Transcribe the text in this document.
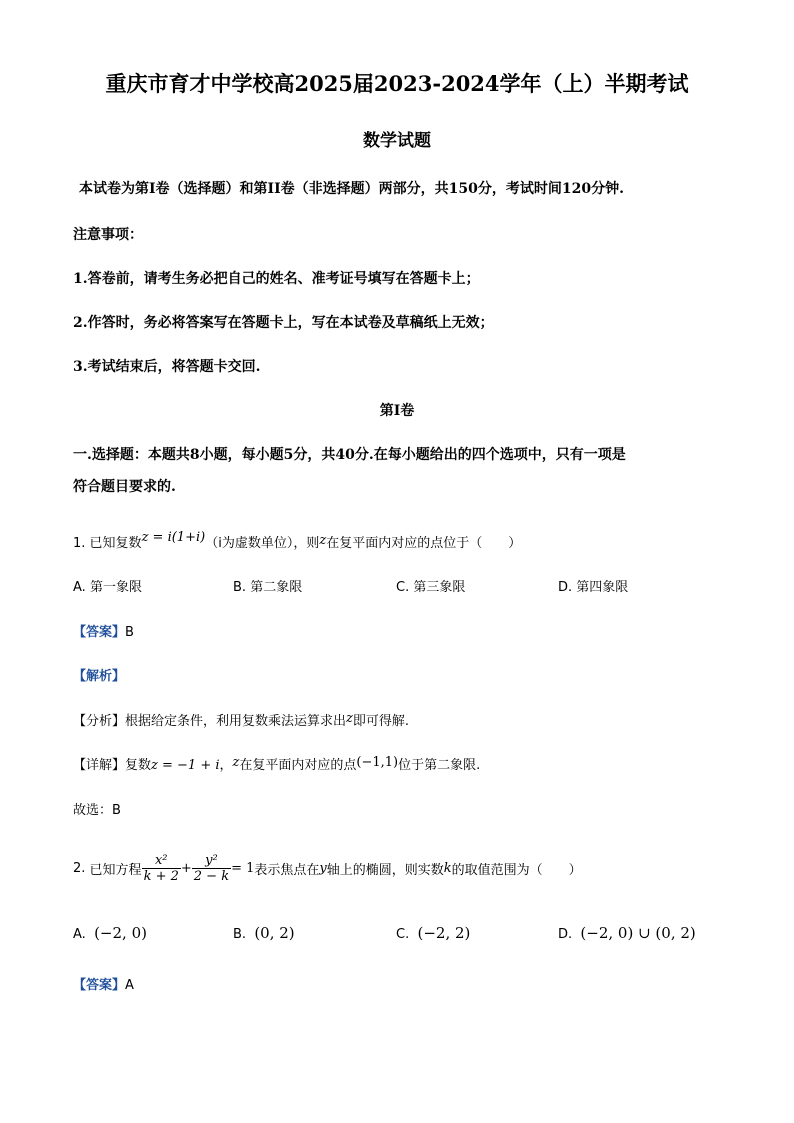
重庆市育才中学校高2025届2023-2024学年（上）半期考试
数学试题
本试卷为第I卷（选择题）和第II卷（非选择题）两部分，共150分，考试时间120分钟.
注意事项：
1.答卷前，请考生务必把自己的姓名、准考证号填写在答题卡上；
2.作答时，务必将答案写在答题卡上，写在本试卷及草稿纸上无效；
3.考试结束后，将答题卡交回.
第I卷
一.选择题：本题共8小题，每小题5分，共40分.在每小题给出的四个选项中，只有一项是
符合题目要求的.
1. 已知复数z = i(1+i)（i为虚数单位），则z在复平面内对应的点位于（　　）
A. 第一象限	B. 第二象限	C. 第三象限	D. 第四象限
【答案】B
【解析】
【分析】根据给定条件，利用复数乘法运算求出z即可得解.
【详解】复数z = −1 + i，z在复平面内对应的点(−1,1)位于第二象限.
故选：B
2.
已知方程 $\frac{\text{x²}}{k + 2} + \frac{\text{y²}}{2 - k} = 1$ 表示焦点在 y 轴上的椭圆，则实数 k 的取值范围为（　　）
A. (−2, 0)	B. (0, 2)	C. (−2, 2)	D. (−2, 0) ∪ (0, 2)
【答案】A
